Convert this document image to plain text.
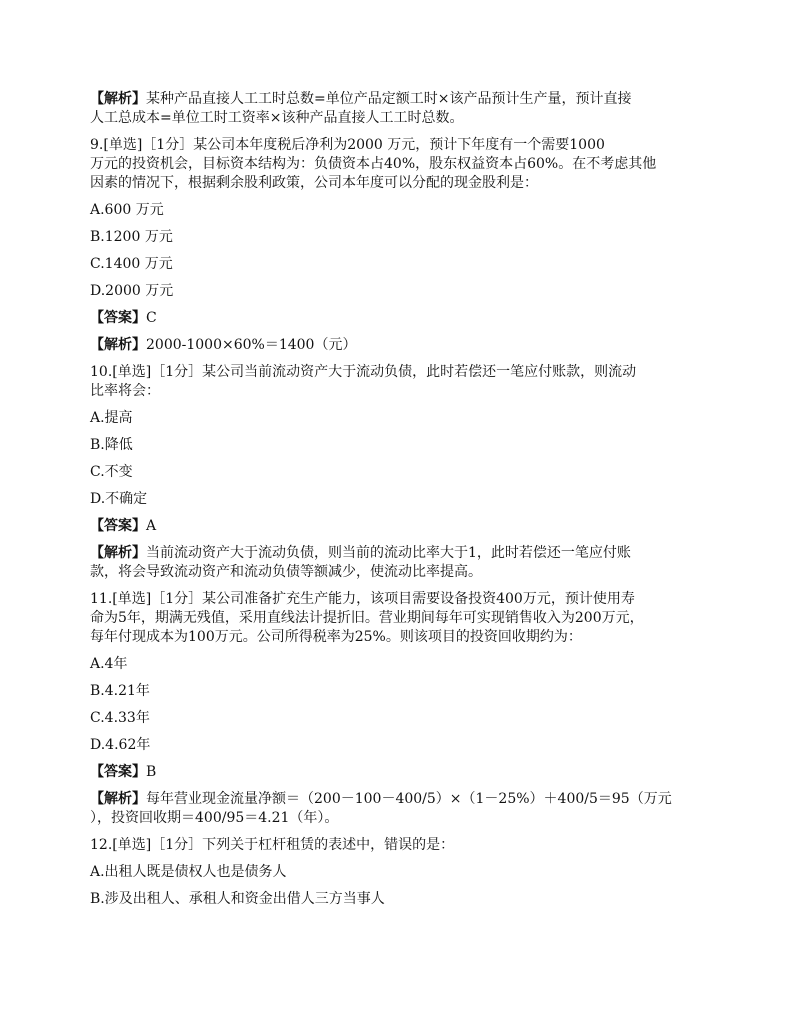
【解析】某种产品直接人工工时总数=单位产品定额工时×该产品预计生产量，预计直接
人工总成本=单位工时工资率×该种产品直接人工工时总数。
9.[单选]［1分］某公司本年度税后净利为2000 万元，预计下年度有一个需要1000
万元的投资机会，目标资本结构为：负债资本占40%，股东权益资本占60%。在不考虑其他
因素的情况下，根据剩余股利政策，公司本年度可以分配的现金股利是：
A.600 万元
B.1200 万元
C.1400 万元
D.2000 万元
【答案】C
【解析】2000-1000×60%＝1400（元）
10.[单选]［1分］某公司当前流动资产大于流动负债，此时若偿还一笔应付账款，则流动
比率将会：
A.提高
B.降低
C.不变
D.不确定
【答案】A
【解析】当前流动资产大于流动负债，则当前的流动比率大于1，此时若偿还一笔应付账
款，将会导致流动资产和流动负债等额减少，使流动比率提高。
11.[单选]［1分］某公司准备扩充生产能力，该项目需要设备投资400万元，预计使用寿
命为5年，期满无残值，采用直线法计提折旧。营业期间每年可实现销售收入为200万元，
每年付现成本为100万元。公司所得税率为25%。则该项目的投资回收期约为：
A.4年
B.4.21年
C.4.33年
D.4.62年
【答案】B
【解析】每年营业现金流量净额＝（200－100－400/5）×（1－25%）＋400/5＝95（万元
），投资回收期＝400/95＝4.21（年）。
12.[单选]［1分］下列关于杠杆租赁的表述中，错误的是：
A.出租人既是债权人也是债务人
B.涉及出租人、承租人和资金出借人三方当事人
